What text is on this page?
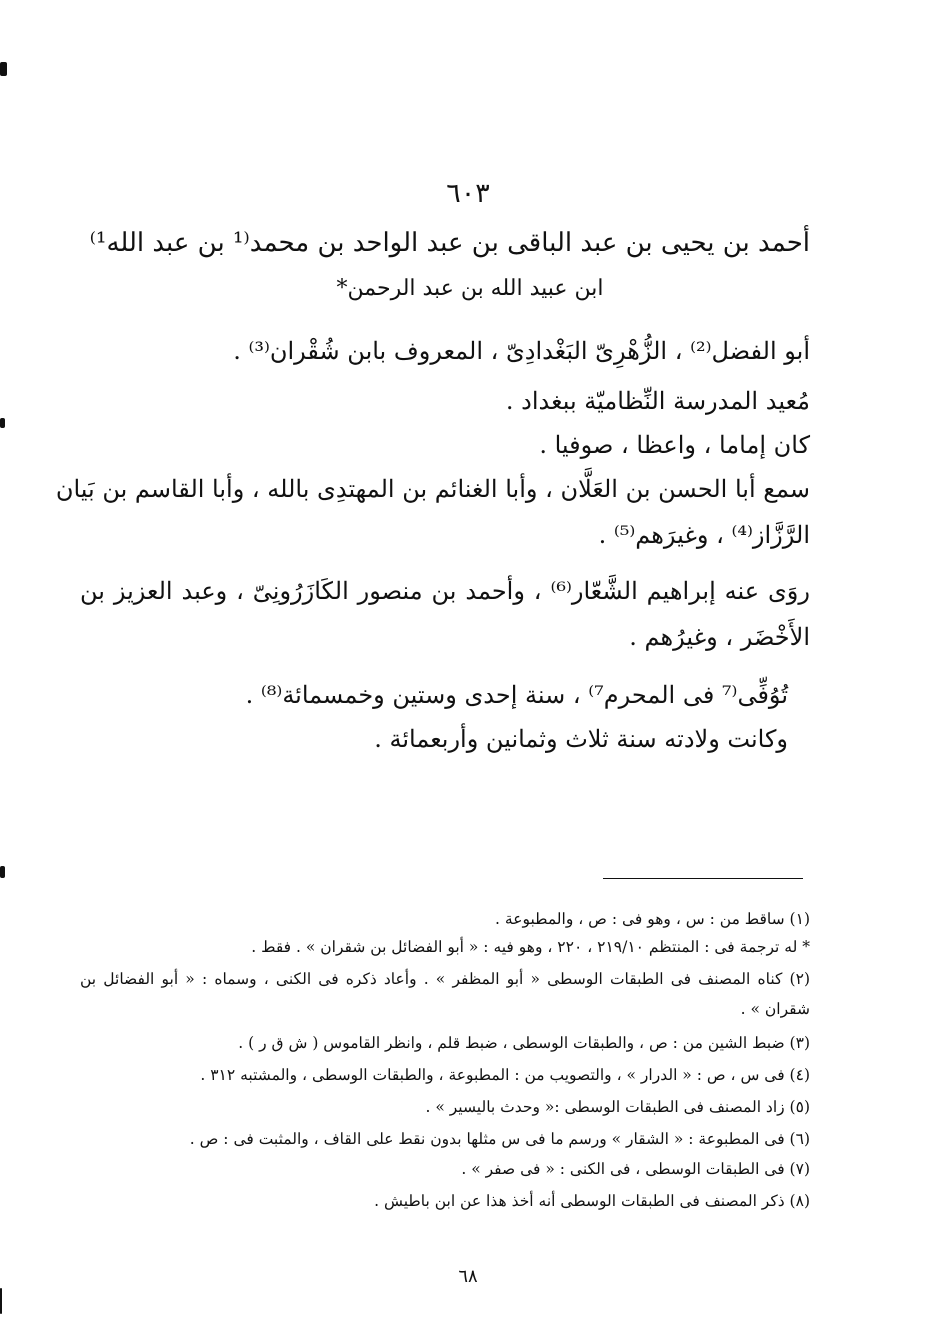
٦٠٣
أحمد بن يحيى بن عبد الباقى بن عبد الواحد بن محمد⁽¹ بن عبد الله¹⁾
ابن عبيد الله بن عبد الرحمن*
أبو الفضل⁽²⁾ ، الزُّهْرِىّ البَغْدادِىّ ، المعروف بابن شُقْران⁽³⁾ .
مُعيد المدرسة النِّظاميّة ببغداد .
كان إماما ، واعظا ، صوفيا .
سمع أبا الحسن بن العَلَّان ، وأبا الغنائم بن المهتدِى بالله ، وأبا القاسم بن بَيان
الرَّزَّاز⁽⁴⁾ ، وغيرَهم⁽⁵⁾ .
روَى عنه إبراهيم الشَّعّار⁽⁶⁾ ، وأحمد بن منصور الكَازَرُونِىّ ، وعبد العزيز بن
الأَخْضَر ، وغيرُهم .
تُوُفِّى⁽⁷ فى المحرم⁷⁾ ، سنة إحدى وستين وخمسمائة⁽⁸⁾ .
وكانت ولادته سنة ثلاث وثمانين وأربعمائة .
(١) ساقط من : س ، وهو فى : ص ، والمطبوعة .
* له ترجمة فى : المنتظم ٢١٩/١٠ ، ٢٢٠ ، وهو فيه : « أبو الفضائل بن شقران » . فقط .
(٢) كناه المصنف فى الطبقات الوسطى « أبو المظفر » . وأعاد ذكره فى الكنى ، وسماه : « أبو الفضائل بن
شقران » .
(٣) ضبط الشين من : ص ، والطبقات الوسطى ، ضبط قلم ، وانظر القاموس ( ش ق ر ) .
(٤) فى س ، ص : « الدرار » ، والتصويب من : المطبوعة ، والطبقات الوسطى ، والمشتبه ٣١٢ .
(٥) زاد المصنف فى الطبقات الوسطى :« وحدث باليسير » .
(٦) فى المطبوعة : « الشقار » ورسم ما فى س مثلها بدون نقط على القاف ، والمثبت فى : ص .
(٧) فى الطبقات الوسطى ، فى الكنى : « فى صفر » .
(٨) ذكر المصنف فى الطبقات الوسطى أنه أخذ هذا عن ابن باطيش .
٦٨
